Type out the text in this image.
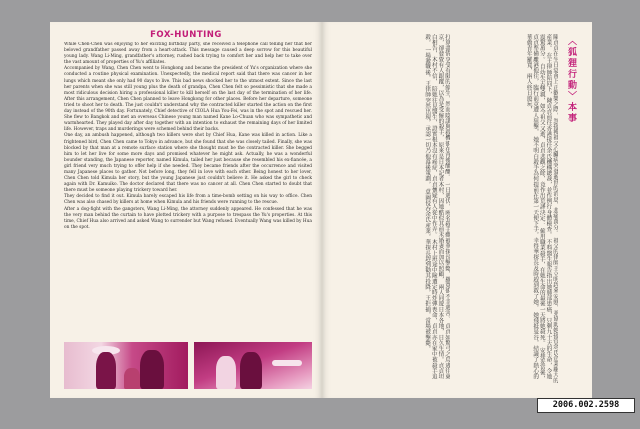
FOX-HUNTING

While Chen-Chen was enjoying to her exciting birthday party, she received a telephone call telling her that her beloved grandfather passed away from a heart-attack. This message caused a deep sorrow for this beautiful young lady. Wang Li-Ming, grandfather's attorney, rushed back trying to comfort her and help her to take over the vast amount of properties of Yu's affiliates.

Accompanied by Wang, Chen Chen went to Hongkong and became the president of Yu's organization where she conducted a routine physical examination. Unexpectedly, the medical report said that there was cancer in her lungs which meant she only had 90 days to live. This bad news shocked her to the utmost extent. Since the last her parents when she was still young plus the death of grandpa, Chen Chen felt so pessimistic that she made a most ridiculous decision hiring a professional killer to kill herself on the last day of the termination of her life. After this arrangement, Chen Chen planned to leave Hongkong for other places. Before her departure, someone tried to shoot her to death. The just couldn't understand why the contracted killer started the action on the first day instead of the 90th day. Fortunately, Chief detective of CIOLA Hua You-Fei, was in the spot and rescued her. She flew to Bangkok and met an overseas Chinese young man named Kane Lo-Chuan who was sympathetic and warmhearted. They played day after day together with an intention to exhaust the remaining days of her limited life. However, traps and murderings were schemed behind their backs.

One day, an ambush happened, although two killers were shot by Chief Hua, Kane was killed in action. Like a frightened bird, Chen Chen came to Tokyo in advance, but she found that she was closely tailed. Finally, she was blocked by that man at a remote surface station where she thought must be the contracted killer. She begged him to let her live for some more days and promised whatever he might ask. Actually, he was a wonderful bounder standing, the Japanese reporter, named Kimula, tailed her just because she resembled his ex-fiancée, a girl friend very much trying to offer help if she needed. They became friends after the occurrence and visited many Japanese places to gather. Not before long, they fell in love with each other. Being honest to her lover, Chen Chen told Kimula her story, but the young Japanese just couldn't believe it. He asked the girl to check again with Dr. Kamuiko. The doctor declared that there was no cancer at all. Chen Chen started to doubt that there must be someone playing trickery toward her.

They decided to find it out. Kimula barely escaped his life from a time-bomb setting on his way to office. Chen Chen was also chased by killers at home when Kimula and his friends were running to the rescue.

After a dog-fight with the gangsters, Wang Li-Ming, the attorney suddenly appeared. He confessed that he was the very man behind the curtain to have plotted trickery with a purpose to trespass the Yu's properties. At this time, Chief Hua also arrived and asked Wang to surrender but Wang refused. Eventually Wang was killed by Hua on the spot.

〈狐狸行動〉本事
陳貞貞在生日宴會上正歡樂之際，忽接獲祖父心臟病突發逝世的消息，悲痛萬分。 祖父的律師王立明趕來安慰，並協助她接管余氏企業龐大的產業。 在王律師陪同下，陳貞貞前往香港接任余氏機構總裁，並作例行身體檢查。 不料醫生報告指出她肺部患癌，只剩九十天的生命，令她震驚萬分。 自幼失去雙親，如今祖父又逝，貞貞悲觀之餘，竟作出荒謬決定： 僱用職業殺手，在她生命的最後一天將她殺死。 安排妥當後，貞貞準備離港他往，臨行前竟遭人狙擊， 她不明白殺手為何提前在第一天便下手。幸得華探長及時趕到救了她。 她飛抵曼谷，結識了熱心的華僑青年羅寬，兩人終日遊玩，
打算盡情享受有限的餘生，然而陰謀與殺機卻在背後醞釀。 一日遇伏，兩名殺手雖被華探長擊斃，羅寬卻不幸遇害。 貞貞如驚弓之鳥逃往東京，卻發覺有人跟蹤，以為是受僱的殺手， 原來是日本記者木村，因她酷似其前未婚妻而加以照顧， 兩人同遊日本各地，日久生情。貞貞坦白相告，木村不信， 陪她往見醫生，證實根本沒有癌症，貞貞懷疑有人從中作弄。 木村上班途中險遭定時炸彈喪命，貞貞亦在家中被殺手追殺。 一場激戰後，王律師突然出現，承認一切乃他幕後策劃， 意圖侵吞余氏產業。華探長趕到勸其投降，王拒捕，當場被擊斃。
2006.002.2598
